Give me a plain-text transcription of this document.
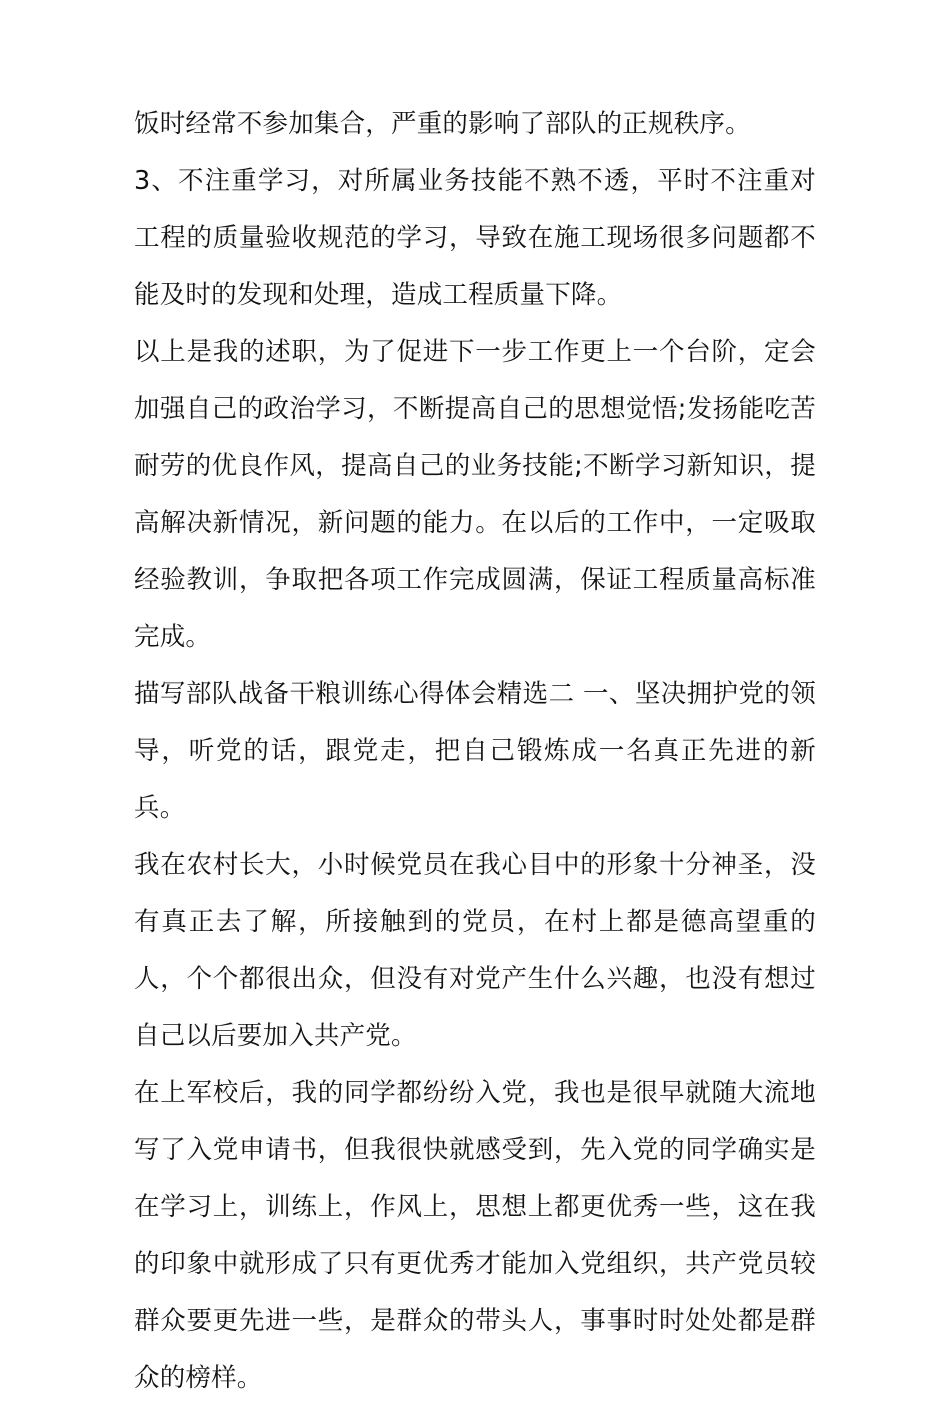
饭时经常不参加集合，严重的影响了部队的正规秩序。

3、不注重学习，对所属业务技能不熟不透，平时不注重对工程的质量验收规范的学习，导致在施工现场很多问题都不能及时的发现和处理，造成工程质量下降。

以上是我的述职，为了促进下一步工作更上一个台阶，定会加强自己的政治学习，不断提高自己的思想觉悟;发扬能吃苦耐劳的优良作风，提高自己的业务技能;不断学习新知识，提高解决新情况，新问题的能力。在以后的工作中，一定吸取经验教训，争取把各项工作完成圆满，保证工程质量高标准完成。

描写部队战备干粮训练心得体会精选二 一、坚决拥护党的领导，听党的话，跟党走，把自己锻炼成一名真正先进的新兵。

我在农村长大，小时候党员在我心目中的形象十分神圣，没有真正去了解，所接触到的党员，在村上都是德高望重的人，个个都很出众，但没有对党产生什么兴趣，也没有想过自己以后要加入共产党。

在上军校后，我的同学都纷纷入党，我也是很早就随大流地写了入党申请书，但我很快就感受到，先入党的同学确实是在学习上，训练上，作风上，思想上都更优秀一些，这在我的印象中就形成了只有更优秀才能加入党组织，共产党员较群众要更先进一些，是群众的带头人，事事时时处处都是群众的榜样。
